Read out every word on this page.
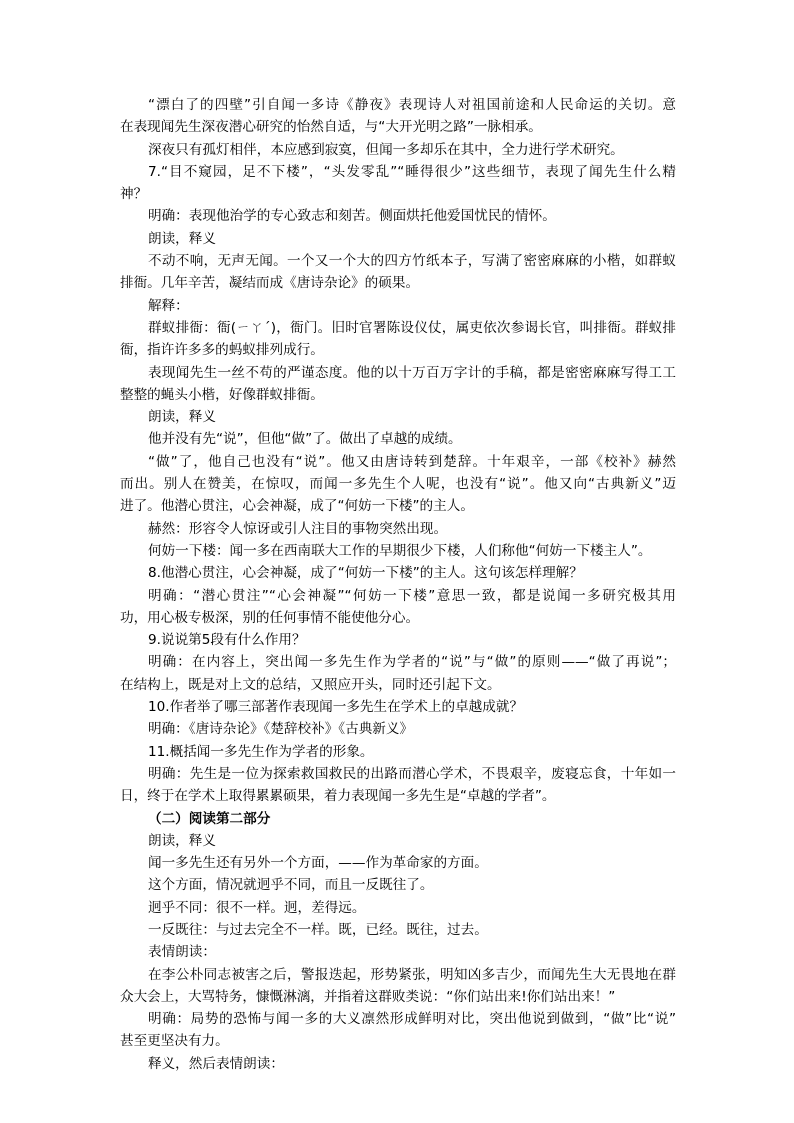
“漂白了的四壁”引自闻一多诗《静夜》表现诗人对祖国前途和人民命运的关切。意
在表现闻先生深夜潜心研究的怡然自适，与“大开光明之路”一脉相承。
深夜只有孤灯相伴，本应感到寂寞，但闻一多却乐在其中，全力进行学术研究。
7.“目不窥园，足不下楼”，“头发零乱”“睡得很少”这些细节，表现了闻先生什么精
神？
明确：表现他治学的专心致志和刻苦。侧面烘托他爱国忧民的情怀。
朗读，释义
不动不响，无声无闻。一个又一个大的四方竹纸本子，写满了密密麻麻的小楷，如群蚁
排衙。几年辛苦，凝结而成《唐诗杂论》的硕果。
解释：
群蚁排衙：衙(ㄧㄚˊ)，衙门。旧时官署陈设仪仗，属吏依次参谒长官，叫排衙。群蚁排
衙，指许许多多的蚂蚁排列成行。
表现闻先生一丝不苟的严谨态度。他的以十万百万字计的手稿，都是密密麻麻写得工工
整整的蝇头小楷，好像群蚁排衙。
朗读，释义
他并没有先“说”，但他“做”了。做出了卓越的成绩。
“做”了，他自己也没有“说”。他又由唐诗转到楚辞。十年艰辛，一部《校补》赫然
而出。别人在赞美，在惊叹，而闻一多先生个人呢，也没有“说”。他又向“古典新义”迈
进了。他潜心贯注，心会神凝，成了“何妨一下楼”的主人。
赫然：形容令人惊讶或引人注目的事物突然出现。
何妨一下楼：闻一多在西南联大工作的早期很少下楼，人们称他“何妨一下楼主人”。
8.他潜心贯注，心会神凝，成了“何妨一下楼”的主人。这句该怎样理解？
明确：“潜心贯注”“心会神凝”“何妨一下楼”意思一致，都是说闻一多研究极其用
功，用心极专极深，别的任何事情不能使他分心。
9.说说第5段有什么作用？
明确：在内容上，突出闻一多先生作为学者的“说”与“做”的原则——“做了再说”；
在结构上，既是对上文的总结，又照应开头，同时还引起下文。
10.作者举了哪三部著作表现闻一多先生在学术上的卓越成就？
明确：《唐诗杂论》《楚辞校补》《古典新义》
11.概括闻一多先生作为学者的形象。
明确：先生是一位为探索救国救民的出路而潜心学术，不畏艰辛，废寝忘食，十年如一
日，终于在学术上取得累累硕果，着力表现闻一多先生是“卓越的学者”。
（二）阅读第二部分
朗读，释义
闻一多先生还有另外一个方面，——作为革命家的方面。
这个方面，情况就迥乎不同，而且一反既往了。
迥乎不同：很不一样。迥，差得远。
一反既往：与过去完全不一样。既，已经。既往，过去。
表情朗读：
在李公朴同志被害之后，警报迭起，形势紧张，明知凶多吉少，而闻先生大无畏地在群
众大会上，大骂特务，慷慨淋漓，并指着这群败类说：“你们站出来!你们站出来！”
明确：局势的恐怖与闻一多的大义凛然形成鲜明对比，突出他说到做到，“做”比“说”
甚至更坚决有力。
释义，然后表情朗读：
